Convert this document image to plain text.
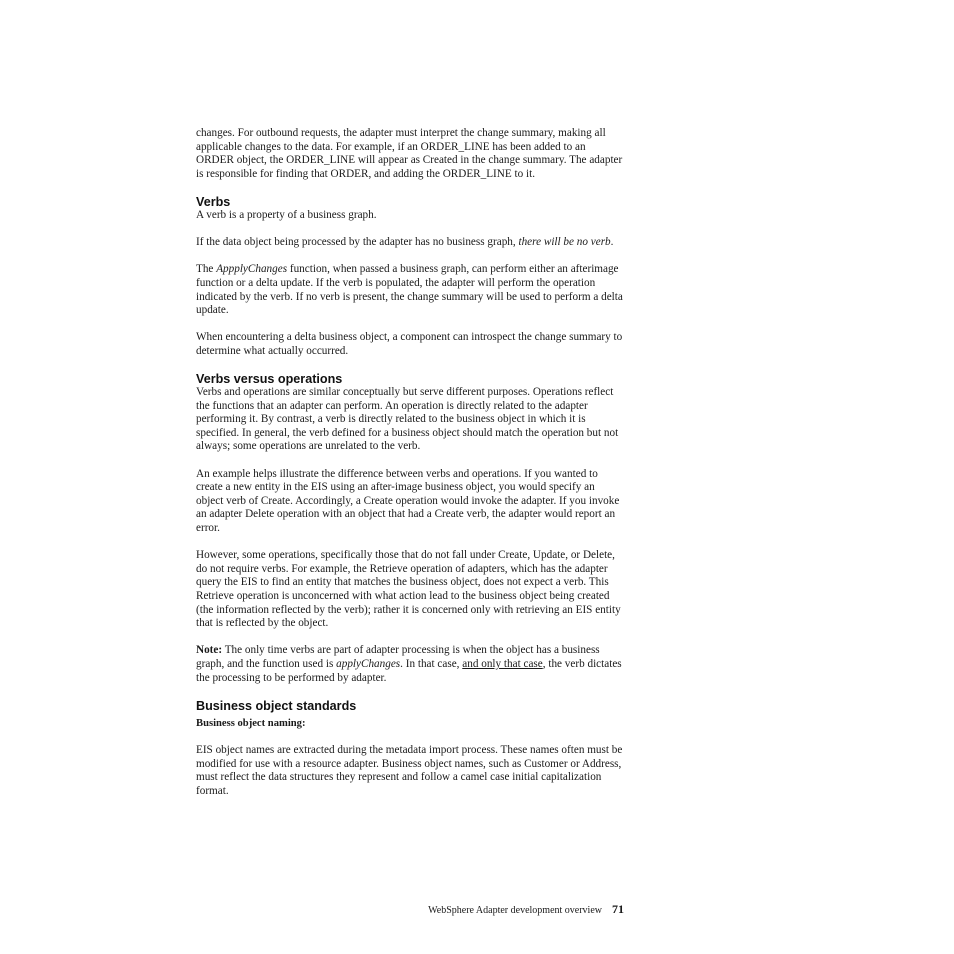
changes. For outbound requests, the adapter must interpret the change summary, making all applicable changes to the data. For example, if an ORDER_LINE has been added to an ORDER object, the ORDER_LINE will appear as Created in the change summary. The adapter is responsible for finding that ORDER, and adding the ORDER_LINE to it.

Verbs

A verb is a property of a business graph.

If the data object being processed by the adapter has no business graph, there will be no verb.

The AppplyChanges function, when passed a business graph, can perform either an afterimage function or a delta update. If the verb is populated, the adapter will perform the operation indicated by the verb. If no verb is present, the change summary will be used to perform a delta update.

When encountering a delta business object, a component can introspect the change summary to determine what actually occurred.

Verbs versus operations

Verbs and operations are similar conceptually but serve different purposes. Operations reflect the functions that an adapter can perform. An operation is directly related to the adapter performing it. By contrast, a verb is directly related to the business object in which it is specified. In general, the verb defined for a business object should match the operation but not always; some operations are unrelated to the verb.

An example helps illustrate the difference between verbs and operations. If you wanted to create a new entity in the EIS using an after-image business object, you would specify an object verb of Create. Accordingly, a Create operation would invoke the adapter. If you invoke an adapter Delete operation with an object that had a Create verb, the adapter would report an error.

However, some operations, specifically those that do not fall under Create, Update, or Delete, do not require verbs. For example, the Retrieve operation of adapters, which has the adapter query the EIS to find an entity that matches the business object, does not expect a verb. This Retrieve operation is unconcerned with what action lead to the business object being created (the information reflected by the verb); rather it is concerned only with retrieving an EIS entity that is reflected by the object.

Note: The only time verbs are part of adapter processing is when the object has a business graph, and the function used is applyChanges. In that case, and only that case, the verb dictates the processing to be performed by adapter.

Business object standards
Business object naming:

EIS object names are extracted during the metadata import process. These names often must be modified for use with a resource adapter. Business object names, such as Customer or Address, must reflect the data structures they represent and follow a camel case initial capitalization format.

WebSphere Adapter development overview 71
